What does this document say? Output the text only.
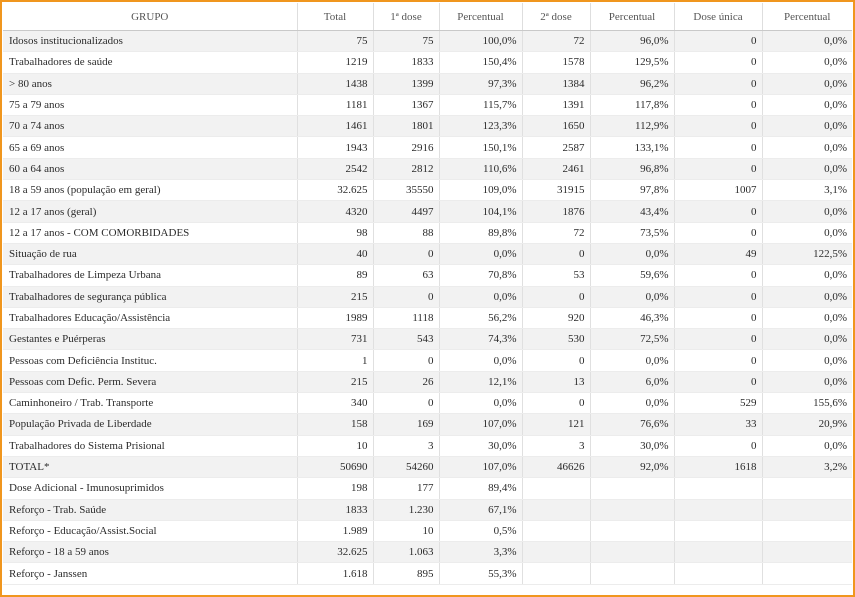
GRUPO	Total	1ª dose	Percentual	2ª dose	Percentual	Dose única	Percentual
Idosos institucionalizados	75	75	100,0%	72	96,0%	0	0,0%
Trabalhadores de saúde	1219	1833	150,4%	1578	129,5%	0	0,0%
> 80 anos	1438	1399	97,3%	1384	96,2%	0	0,0%
75 a 79 anos	1181	1367	115,7%	1391	117,8%	0	0,0%
70 a 74 anos	1461	1801	123,3%	1650	112,9%	0	0,0%
65 a 69 anos	1943	2916	150,1%	2587	133,1%	0	0,0%
60 a 64 anos	2542	2812	110,6%	2461	96,8%	0	0,0%
18 a 59 anos (população em geral)	32.625	35550	109,0%	31915	97,8%	1007	3,1%
12 a 17 anos (geral)	4320	4497	104,1%	1876	43,4%	0	0,0%
12 a 17 anos - COM COMORBIDADES	98	88	89,8%	72	73,5%	0	0,0%
Situação de rua	40	0	0,0%	0	0,0%	49	122,5%
Trabalhadores de Limpeza Urbana	89	63	70,8%	53	59,6%	0	0,0%
Trabalhadores de segurança pública	215	0	0,0%	0	0,0%	0	0,0%
Trabalhadores Educação/Assistência	1989	1118	56,2%	920	46,3%	0	0,0%
Gestantes e Puérperas	731	543	74,3%	530	72,5%	0	0,0%
Pessoas com Deficiência Instituc.	1	0	0,0%	0	0,0%	0	0,0%
Pessoas com Defic. Perm. Severa	215	26	12,1%	13	6,0%	0	0,0%
Caminhoneiro / Trab. Transporte	340	0	0,0%	0	0,0%	529	155,6%
População Privada de Liberdade	158	169	107,0%	121	76,6%	33	20,9%
Trabalhadores do Sistema Prisional	10	3	30,0%	3	30,0%	0	0,0%
TOTAL*	50690	54260	107,0%	46626	92,0%	1618	3,2%
Dose Adicional - Imunosuprimidos	198	177	89,4%				
Reforço - Trab. Saúde	1833	1.230	67,1%				
Reforço - Educação/Assist.Social	1.989	10	0,5%				
Reforço - 18 a 59 anos	32.625	1.063	3,3%				
Reforço - Janssen	1.618	895	55,3%				
